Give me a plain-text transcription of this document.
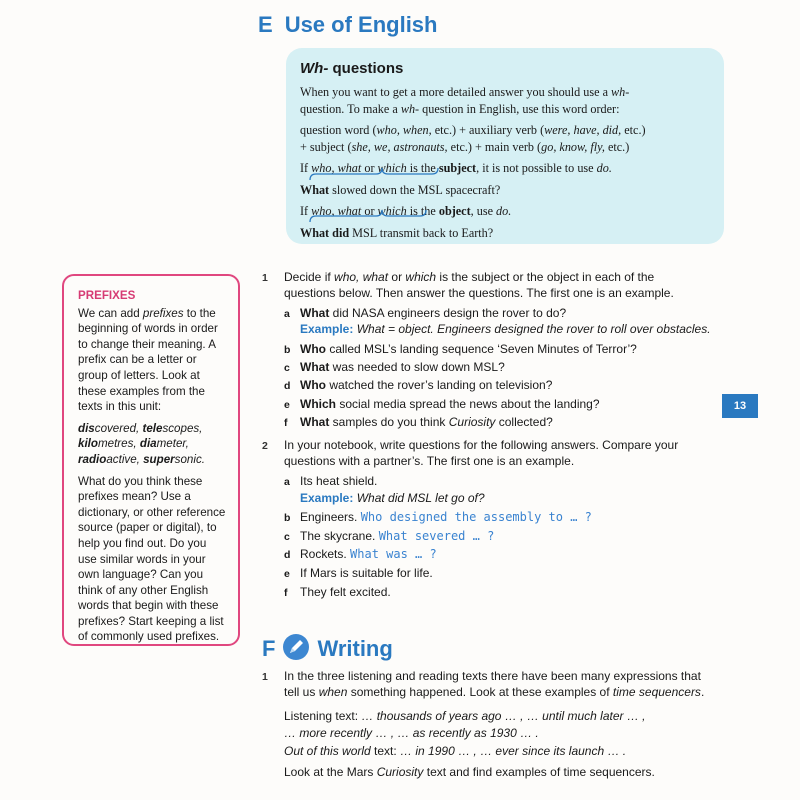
E Use of English
Wh- questions

When you want to get a more detailed answer you should use a wh-
question. To make a wh- question in English, use this word order:

question word (who, when, etc.) + auxiliary verb (were, have, did, etc.)
+ subject (she, we, astronauts, etc.) + main verb (go, know, fly, etc.)

If who, what or which is the subject, it is not possible to use do.

What slowed down the MSL spacecraft?

If who, what or which is the object, use do.

What did MSL transmit back to Earth?

PREFIXES

We can add prefixes to the beginning of words in order to change their meaning. A prefix can be a letter or group of letters. Look at these examples from the texts in this unit:

discovered, telescopes,
kilometres, diameter,
radioactive, supersonic.

What do you think these prefixes mean? Use a dictionary, or other reference source (paper or digital), to help you find out. Do you use similar words in your own language? Can you think of any other English words that begin with these prefixes? Start keeping a list of commonly used prefixes.

1 Decide if who, what or which is the subject or the object in each of the
questions below. Then answer the questions. The first one is an example.
a What did NASA engineers design the rover to do?
Example: What = object. Engineers designed the rover to roll over obstacles.
b Who called MSL’s landing sequence ‘Seven Minutes of Terror’?
c What was needed to slow down MSL?
d Who watched the rover’s landing on television?
e Which social media spread the news about the landing?
f What samples do you think Curiosity collected?
13
2 In your notebook, write questions for the following answers. Compare your
questions with a partner’s. The first one is an example.
a Its heat shield.
Example: What did MSL let go of?
b Engineers. Who designed the assembly to … ?
c The skycrane. What severed … ?
d Rockets. What was … ?
e If Mars is suitable for life.
f They felt excited.
F Writing
1 In the three listening and reading texts there have been many expressions that
tell us when something happened. Look at these examples of time sequencers.
Listening text: … thousands of years ago … , … until much later … ,
… more recently … , … as recently as 1930 … .
Out of this world text: … in 1990 … , … ever since its launch … .
Look at the Mars Curiosity text and find examples of time sequencers.
